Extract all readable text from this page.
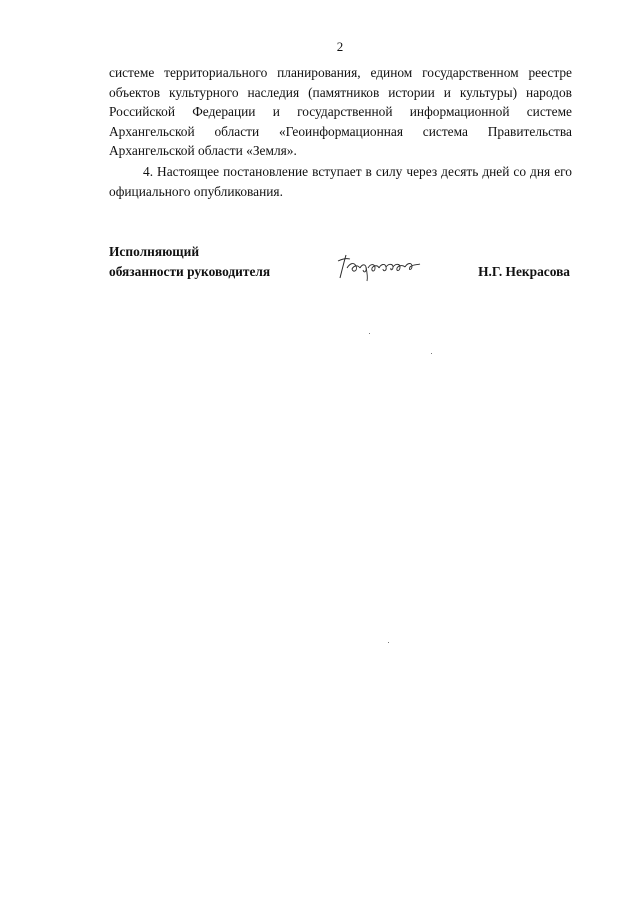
2
системе территориального планирования, едином государственном реестре объектов культурного наследия (памятников истории и культуры) народов Российской Федерации и государственной информационной системе Архангельской области «Геоинформационная система Правительства Архангельской области «Земля».
4. Настоящее постановление вступает в силу через десять дней со дня его официального опубликования.
Исполняющий
обязанности руководителя	Н.Г. Некрасова
